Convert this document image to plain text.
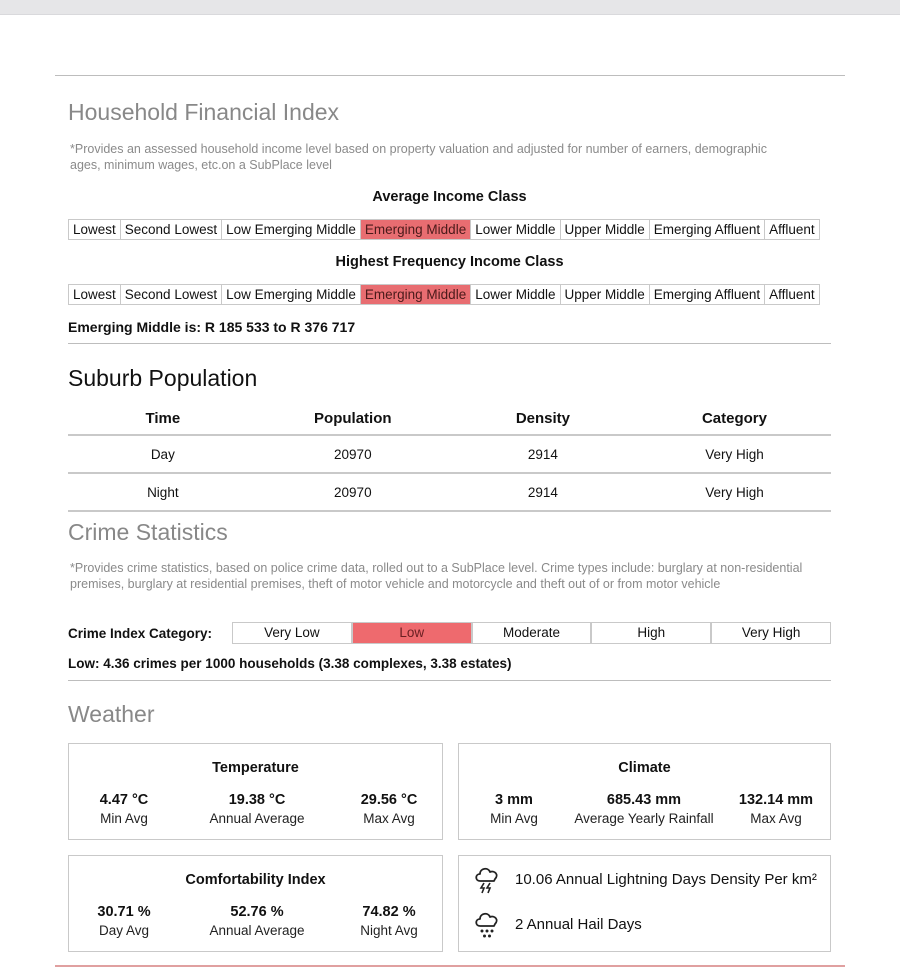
Household Financial Index
*Provides an assessed household income level based on property valuation and adjusted for number of earners, demographic ages, minimum wages, etc.on a SubPlace level
Average Income Class
Lowest Second Lowest Low Emerging Middle Emerging Middle Lower Middle Upper Middle Emerging Affluent Affluent
Highest Frequency Income Class
Lowest Second Lowest Low Emerging Middle Emerging Middle Lower Middle Upper Middle Emerging Affluent Affluent
Emerging Middle is: R 185 533 to R 376 717
Suburb Population
Time	Population	Density	Category
Day	20970	2914	Very High
Night	20970	2914	Very High
Crime Statistics
*Provides crime statistics, based on police crime data, rolled out to a SubPlace level. Crime types include: burglary at non-residential premises, burglary at residential premises, theft of motor vehicle and motorcycle and theft out of or from motor vehicle
Crime Index Category:	Very Low	Low	Moderate	High	Very High
Low: 4.36 crimes per 1000 households (3.38 complexes, 3.38 estates)
Weather
Temperature
4.47 °C
Min Avg
19.38 °C
Annual Average
29.56 °C
Max Avg
Climate
3 mm
Min Avg
685.43 mm
Average Yearly Rainfall
132.14 mm
Max Avg
Comfortability Index
30.71 %
Day Avg
52.76 %
Annual Average
74.82 %
Night Avg
10.06 Annual Lightning Days Density Per km²
2 Annual Hail Days
